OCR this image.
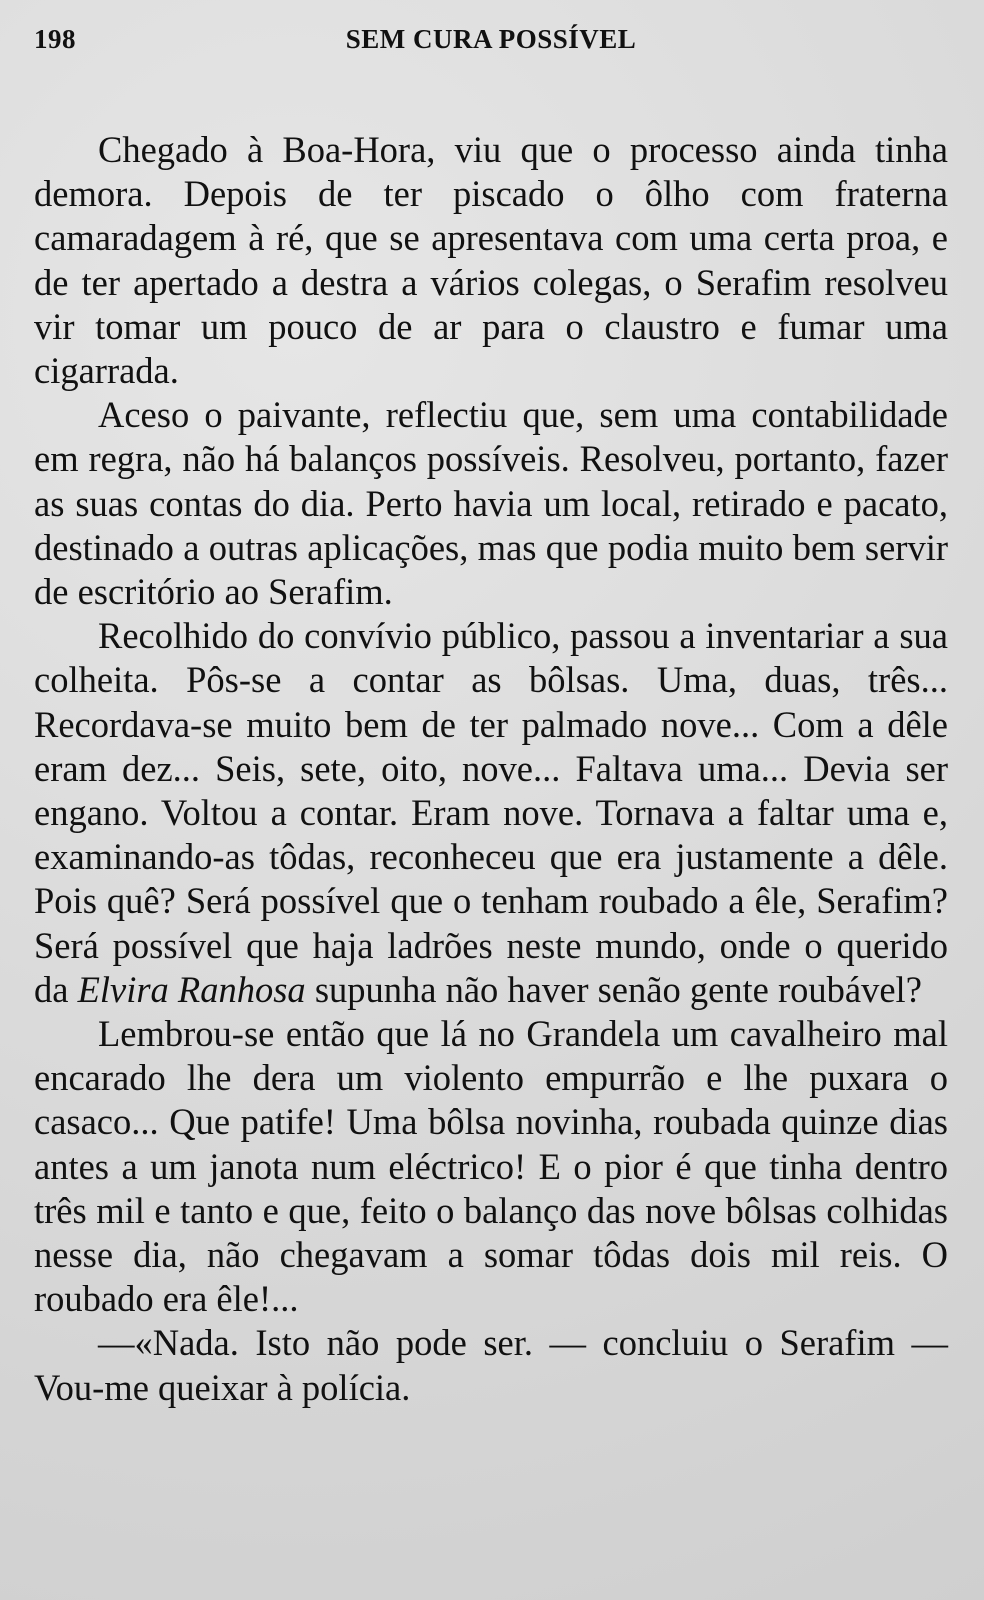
198	SEM CURA POSSÍVEL

Chegado à Boa-Hora, viu que o processo ainda tinha demora. Depois de ter piscado o ôlho com fraterna camaradagem à ré, que se apresentava com uma certa proa, e de ter apertado a destra a vários colegas, o Serafim resolveu vir tomar um pouco de ar para o claustro e fumar uma cigarrada.

Aceso o paivante, reflectiu que, sem uma contabilidade em regra, não há balanços possíveis. Resolveu, portanto, fazer as suas contas do dia. Perto havia um local, retirado e pacato, destinado a outras aplicações, mas que podia muito bem servir de escritório ao Serafim.

Recolhido do convívio público, passou a inventariar a sua colheita. Pôs-se a contar as bôlsas. Uma, duas, três... Recordava-se muito bem de ter palmado nove... Com a dêle eram dez... Seis, sete, oito, nove... Faltava uma... Devia ser engano. Voltou a contar. Eram nove. Tornava a faltar uma e, examinando-as tôdas, reconheceu que era justamente a dêle. Pois quê? Será possível que o tenham roubado a êle, Serafim? Será possível que haja ladrões neste mundo, onde o querido da Elvira Ranhosa supunha não haver senão gente roubável?

Lembrou-se então que lá no Grandela um cavalheiro mal encarado lhe dera um violento empurrão e lhe puxara o casaco... Que patife! Uma bôlsa novinha, roubada quinze dias antes a um janota num eléctrico! E o pior é que tinha dentro três mil e tanto e que, feito o balanço das nove bôlsas colhidas nesse dia, não chegavam a somar tôdas dois mil reis. O roubado era êle!...

—«Nada. Isto não pode ser. — concluiu o Serafim — Vou-me queixar à polícia.
